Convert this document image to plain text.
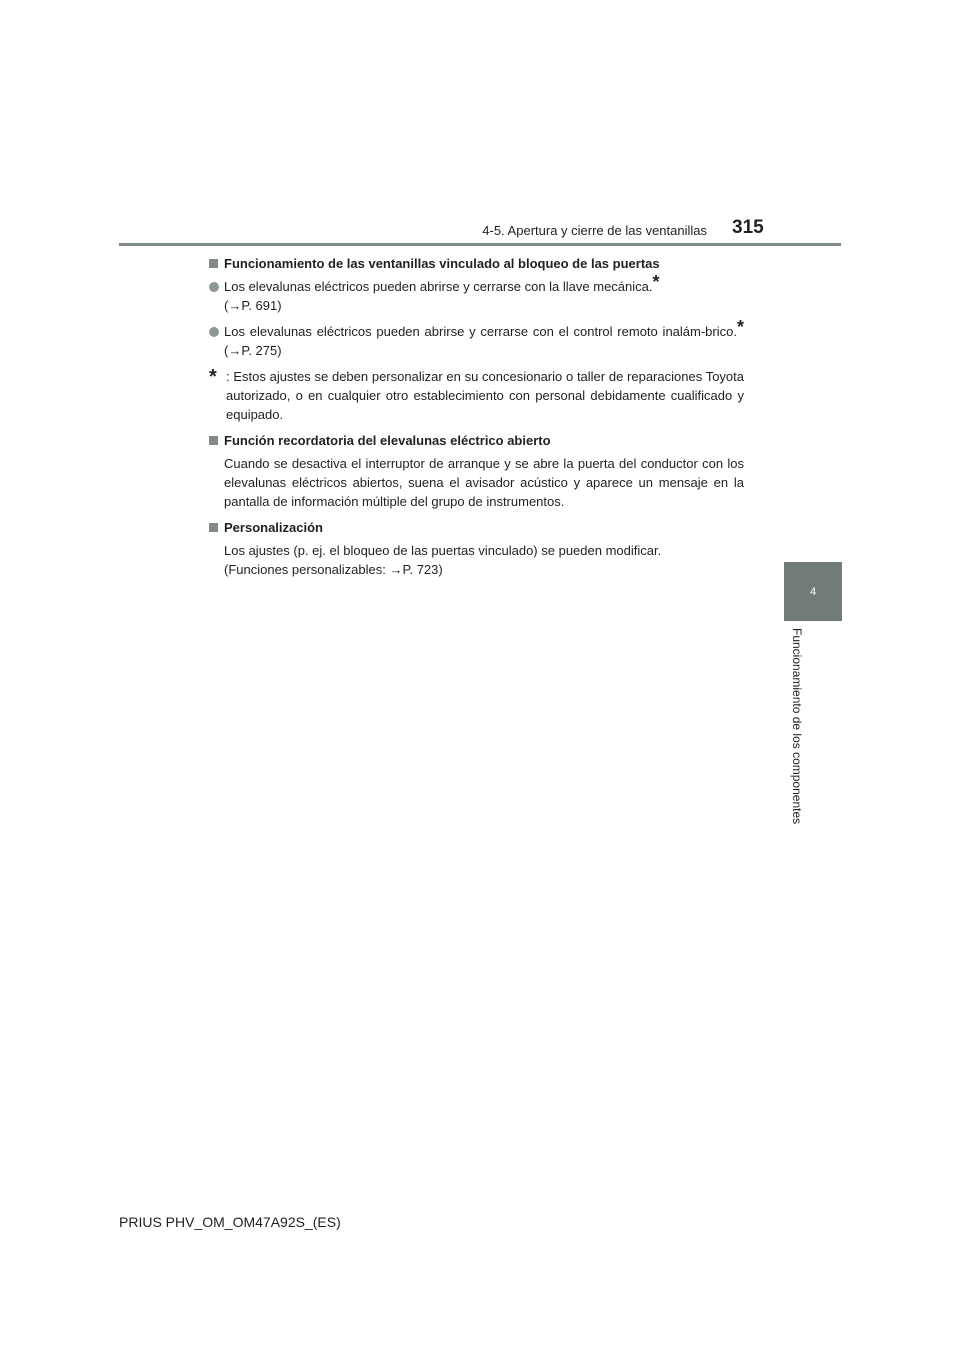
4-5. Apertura y cierre de las ventanillas 315
4
Funcionamiento de los componentes
Funcionamiento de las ventanillas vinculado al bloqueo de las puertas
Los elevalunas eléctricos pueden abrirse y cerrarse con la llave mecánica.*
(→P. 691)
Los elevalunas eléctricos pueden abrirse y cerrarse con el control remoto inalám-brico.* (→P. 275)
* : Estos ajustes se deben personalizar en su concesionario o taller de reparaciones Toyota autorizado, o en cualquier otro establecimiento con personal debidamente cualificado y equipado.
Función recordatoria del elevalunas eléctrico abierto
Cuando se desactiva el interruptor de arranque y se abre la puerta del conductor con los elevalunas eléctricos abiertos, suena el avisador acústico y aparece un mensaje en la pantalla de información múltiple del grupo de instrumentos.
Personalización
Los ajustes (p. ej. el bloqueo de las puertas vinculado) se pueden modificar.
(Funciones personalizables: →P. 723)
PRIUS PHV_OM_OM47A92S_(ES)
